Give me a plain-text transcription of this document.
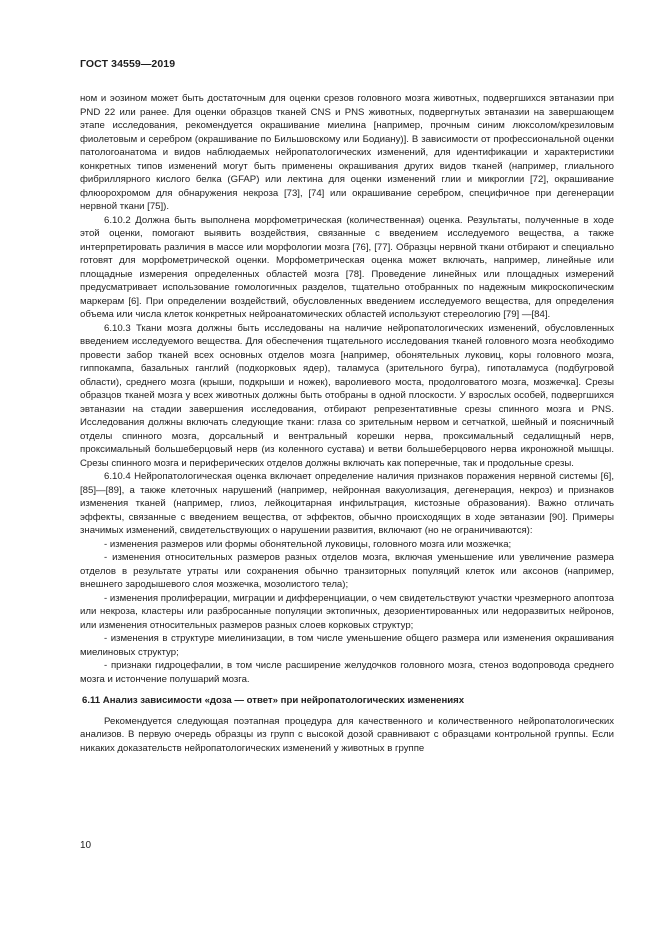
ГОСТ 34559—2019

ном и эозином может быть достаточным для оценки срезов головного мозга животных, подвергшихся эвтаназии при PND 22 или ранее. Для оценки образцов тканей CNS и PNS животных, подвергнутых эвтаназии на завершающем этапе исследования, рекомендуется окрашивание миелина [например, прочным синим люксолом/крезиловым фиолетовым и серебром (окрашивание по Бильшовскому или Бодиану)]. В зависимости от профессиональной оценки патологоанатома и видов наблюдаемых нейропатологических изменений, для идентификации и характеристики конкретных типов изменений могут быть применены окрашивания других видов тканей (например, глиального фибриллярного кислого белка (GFAP) или лектина для оценки изменений глии и микроглии [72], окрашивание флюорохромом для обнаружения некроза [73], [74] или окрашивание серебром, специфичное при дегенерации нервной ткани [75]).

6.10.2 Должна быть выполнена морфометрическая (количественная) оценка. Результаты, полученные в ходе этой оценки, помогают выявить воздействия, связанные с введением исследуемого вещества, а также интерпретировать различия в массе или морфологии мозга [76], [77]. Образцы нервной ткани отбирают и специально готовят для морфометрической оценки. Морфометрическая оценка может включать, например, линейные или площадные измерения определенных областей мозга [78]. Проведение линейных или площадных измерений предусматривает использование гомологичных разделов, тщательно отобранных по надежным микроскопическим маркерам [6]. При определении воздействий, обусловленных введением исследуемого вещества, для определения объема или числа клеток конкретных нейроанатомических областей используют стереологию [79] —[84].

6.10.3 Ткани мозга должны быть исследованы на наличие нейропатологических изменений, обусловленных введением исследуемого вещества. Для обеспечения тщательного исследования тканей головного мозга необходимо провести забор тканей всех основных отделов мозга [например, обонятельных луковиц, коры головного мозга, гиппокампа, базальных ганглий (подкорковых ядер), таламуса (зрительного бугра), гипоталамуса (подбугровой области), среднего мозга (крыши, подкрыши и ножек), варолиевого моста, продолговатого мозга, мозжечка]. Срезы образцов тканей мозга у всех животных должны быть отобраны в одной плоскости. У взрослых особей, подвергшихся эвтаназии на стадии завершения исследования, отбирают репрезентативные срезы спинного мозга и PNS. Исследования должны включать следующие ткани: глаза со зрительным нервом и сетчаткой, шейный и поясничный отделы спинного мозга, дорсальный и вентральный корешки нерва, проксимальный седалищный нерв, проксимальный большеберцовый нерв (из коленного сустава) и ветви большеберцового нерва икроножной мышцы. Срезы спинного мозга и периферических отделов должны включать как поперечные, так и продольные срезы.

6.10.4 Нейропатологическая оценка включает определение наличия признаков поражения нервной системы [6], [85]—[89], а также клеточных нарушений (например, нейронная вакуолизация, дегенерация, некроз) и признаков изменения тканей (например, глиоз, лейкоцитарная инфильтрация, кистозные образования). Важно отличать эффекты, связанные с введением вещества, от эффектов, обычно происходящих в ходе эвтаназии [90]. Примеры значимых изменений, свидетельствующих о нарушении развития, включают (но не ограничиваются):

- изменения размеров или формы обонятельной луковицы, головного мозга или мозжечка;

- изменения относительных размеров разных отделов мозга, включая уменьшение или увеличение размера отделов в результате утраты или сохранения обычно транзиторных популяций клеток или аксонов (например, внешнего зародышевого слоя мозжечка, мозолистого тела);

- изменения пролиферации, миграции и дифференциации, о чем свидетельствуют участки чрезмерного апоптоза или некроза, кластеры или разбросанные популяции эктопичных, дезориентированных или недоразвитых нейронов, или изменения относительных размеров разных слоев корковых структур;

- изменения в структуре миелинизации, в том числе уменьшение общего размера или изменения окрашивания миелиновых структур;

- признаки гидроцефалии, в том числе расширение желудочков головного мозга, стеноз водопровода среднего мозга и истончение полушарий мозга.

6.11 Анализ зависимости «доза — ответ» при нейропатологических изменениях

Рекомендуется следующая поэтапная процедура для качественного и количественного нейропатологических анализов. В первую очередь образцы из групп с высокой дозой сравнивают с образцами контрольной группы. Если никаких доказательств нейропатологических изменений у животных в группе

10
